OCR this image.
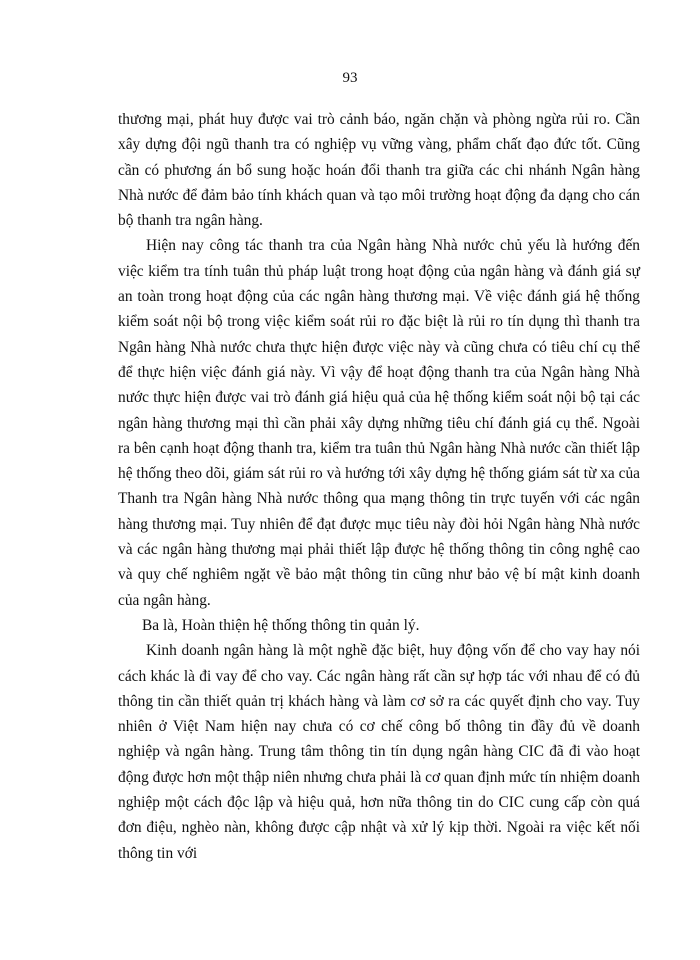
93

thương mại, phát huy được vai trò cảnh báo, ngăn chặn và phòng ngừa rủi ro. Cần xây dựng đội ngũ thanh tra có nghiệp vụ vững vàng, phẩm chất đạo đức tốt. Cũng cần có phương án bổ sung hoặc hoán đổi thanh tra giữa các chi nhánh Ngân hàng Nhà nước để đảm bảo tính khách quan và tạo môi trường hoạt động đa dạng cho cán bộ thanh tra ngân hàng.

Hiện nay công tác thanh tra của Ngân hàng Nhà nước chủ yếu là hướng đến việc kiểm tra tính tuân thủ pháp luật trong hoạt động của ngân hàng và đánh giá sự an toàn trong hoạt động của các ngân hàng thương mại. Về việc đánh giá hệ thống kiểm soát nội bộ trong việc kiểm soát rủi ro đặc biệt là rủi ro tín dụng thì thanh tra Ngân hàng Nhà nước chưa thực hiện được việc này và cũng chưa có tiêu chí cụ thể để thực hiện việc đánh giá này. Vì vậy để hoạt động thanh tra của Ngân hàng Nhà nước thực hiện được vai trò đánh giá hiệu quả của hệ thống kiểm soát nội bộ tại các ngân hàng thương mại thì cần phải xây dựng những tiêu chí đánh giá cụ thể. Ngoài ra bên cạnh hoạt động thanh tra, kiểm tra tuân thủ Ngân hàng Nhà nước cần thiết lập hệ thống theo dõi, giám sát rủi ro và hướng tới xây dựng hệ thống giám sát từ xa của Thanh tra Ngân hàng Nhà nước thông qua mạng thông tin trực tuyến với các ngân hàng thương mại. Tuy nhiên để đạt được mục tiêu này đòi hỏi Ngân hàng Nhà nước và các ngân hàng thương mại phải thiết lập được hệ thống thông tin công nghệ cao và quy chế nghiêm ngặt về bảo mật thông tin cũng như bảo vệ bí mật kinh doanh của ngân hàng.

Ba là, Hoàn thiện hệ thống thông tin quản lý.

Kinh doanh ngân hàng là một nghề đặc biệt, huy động vốn để cho vay hay nói cách khác là đi vay để cho vay. Các ngân hàng rất cần sự hợp tác với nhau để có đủ thông tin cần thiết quản trị khách hàng và làm cơ sở ra các quyết định cho vay. Tuy nhiên ở Việt Nam hiện nay chưa có cơ chế công bố thông tin đầy đủ về doanh nghiệp và ngân hàng. Trung tâm thông tin tín dụng ngân hàng CIC đã đi vào hoạt động được hơn một thập niên nhưng chưa phải là cơ quan định mức tín nhiệm doanh nghiệp một cách độc lập và hiệu quả, hơn nữa thông tin do CIC cung cấp còn quá đơn điệu, nghèo nàn, không được cập nhật và xử lý kịp thời. Ngoài ra việc kết nối thông tin với
